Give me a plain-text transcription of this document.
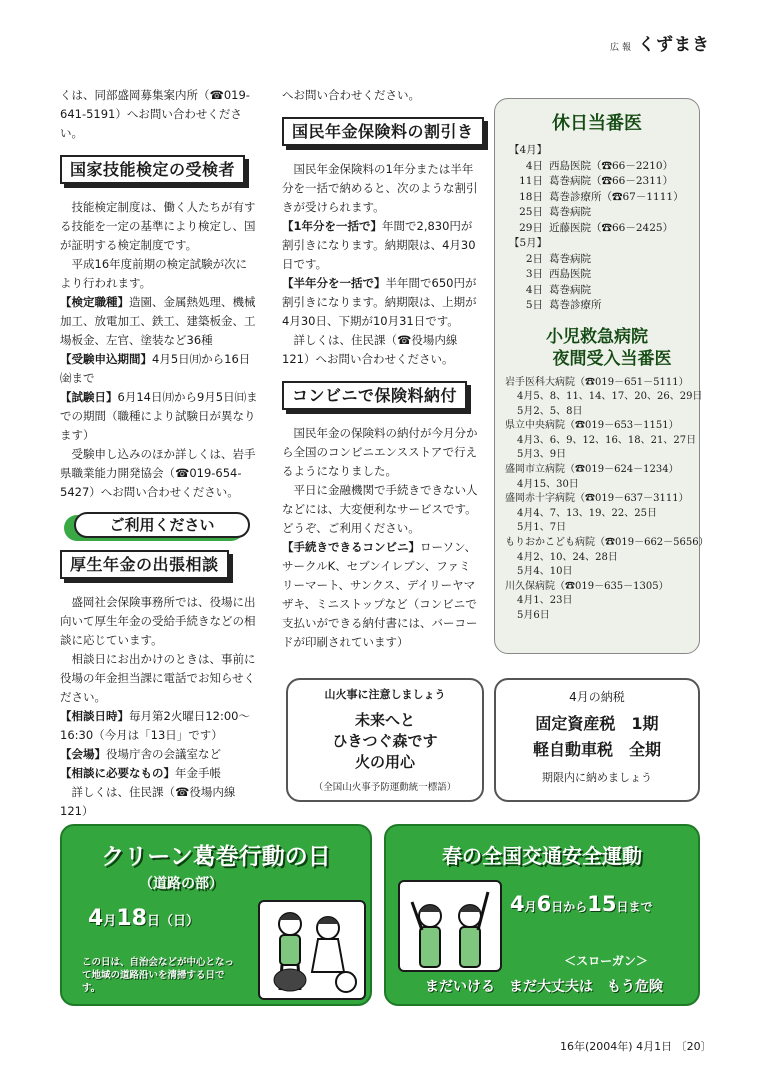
広報 くずまき

くは、同部盛岡募集案内所（☎019-641-5191）へお問い合わせください。

国家技能検定の受検者

技能検定制度は、働く人たちが有する技能を一定の基準により検定し、国が証明する検定制度です。

平成16年度前期の検定試験が次により行われます。

【検定職種】造園、金属熱処理、機械加工、放電加工、鉄工、建築板金、工場板金、左官、塗装など36種

【受験申込期間】4月5日㈪から16日㈮まで

【試験日】6月14日㈪から9月5日㈰までの期間（職種により試験日が異なります）

受験申し込みのほか詳しくは、岩手県職業能力開発協会（☎019-654-5427）へお問い合わせください。

ご利用ください
厚生年金の出張相談

盛岡社会保険事務所では、役場に出向いて厚生年金の受給手続きなどの相談に応じています。

相談日にお出かけのときは、事前に役場の年金担当課に電話でお知らせください。

【相談日時】毎月第2火曜日12:00〜16:30（今月は「13日」です）

【会場】役場庁舎の会議室など

【相談に必要なもの】年金手帳

詳しくは、住民課（☎役場内線121）

へお問い合わせください。

国民年金保険料の割引き

国民年金保険料の1年分または半年分を一括で納めると、次のような割引きが受けられます。

【1年分を一括で】年間で2,830円が割引きになります。納期限は、4月30日です。

【半年分を一括で】半年間で650円が割引きになります。納期限は、上期が4月30日、下期が10月31日です。

詳しくは、住民課（☎役場内線121）へお問い合わせください。

コンビニで保険料納付

国民年金の保険料の納付が今月分から全国のコンビニエンスストアで行えるようになりました。

平日に金融機関で手続きできない人などには、大変便利なサービスです。どうぞ、ご利用ください。

【手続きできるコンビニ】ローソン、サークルK、セブンイレブン、ファミリーマート、サンクス、デイリーヤマザキ、ミニストップなど（コンビニで支払いができる納付書には、バーコードが印刷されています）

休日当番医
【4月】
4日 西島医院（☎66－2210）
11日 葛巻病院（☎66－2311）
18日 葛巻診療所（☎67－1111）
25日 葛巻病院
29日 近藤医院（☎66－2425）
【5月】
2日 葛巻病院
3日 西島医院
4日 葛巻病院
5日 葛巻診療所
小児救急病院
夜間受入当番医
岩手医科大病院（☎019－651－5111）
4月5、8、11、14、17、20、26、29日
5月2、5、8日
県立中央病院（☎019－653－1151）
4月3、6、9、12、16、18、21、27日
5月3、9日
盛岡市立病院（☎019－624－1234）
4月15、30日
盛岡赤十字病院（☎019－637－3111）
4月4、7、13、19、22、25日
5月1、7日
もりおかこども病院（☎019－662－5656）
4月2、10、24、28日
5月4、10日
川久保病院（☎019－635－1305）
4月1、23日
5月6日
山火事に注意しましょう
未来へと
ひきつぐ森です
火の用心
（全国山火事予防運動統一標語）
4月の納税
固定資産税　1期
軽自動車税　全期
期限内に納めましょう
クリーン葛巻行動の日
（道路の部）
4月18日（日）
この日は、自治会などが中心となって地域の道路沿いを清掃する日です。
春の全国交通安全運動
4月6日から15日まで
＜スローガン＞
まだいける　まだ大丈夫は　もう危険
16年(2004年) 4月1日 〔20〕
